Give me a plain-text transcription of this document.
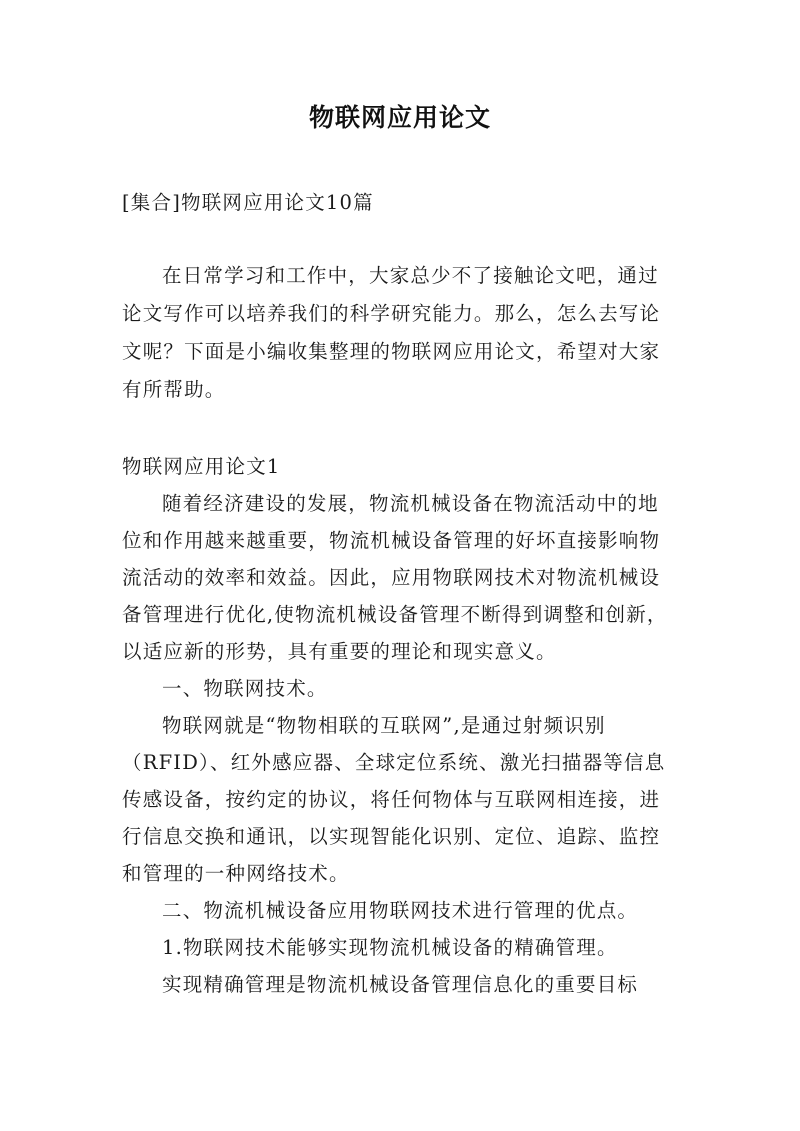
物联网应用论文
[集合]物联网应用论文10篇
在日常学习和工作中，大家总少不了接触论文吧，通过
论文写作可以培养我们的科学研究能力。那么，怎么去写论
文呢？下面是小编收集整理的物联网应用论文，希望对大家
有所帮助。
物联网应用论文1
随着经济建设的发展，物流机械设备在物流活动中的地
位和作用越来越重要，物流机械设备管理的好坏直接影响物
流活动的效率和效益。因此，应用物联网技术对物流机械设
备管理进行优化,使物流机械设备管理不断得到调整和创新，
以适应新的形势，具有重要的理论和现实意义。
一、物联网技术。
物联网就是“物物相联的互联网”,是通过射频识别
（RFID）、红外感应器、全球定位系统、激光扫描器等信息
传感设备，按约定的协议，将任何物体与互联网相连接，进
行信息交换和通讯，以实现智能化识别、定位、追踪、监控
和管理的一种网络技术。
二、物流机械设备应用物联网技术进行管理的优点。
1.物联网技术能够实现物流机械设备的精确管理。
实现精确管理是物流机械设备管理信息化的重要目标
